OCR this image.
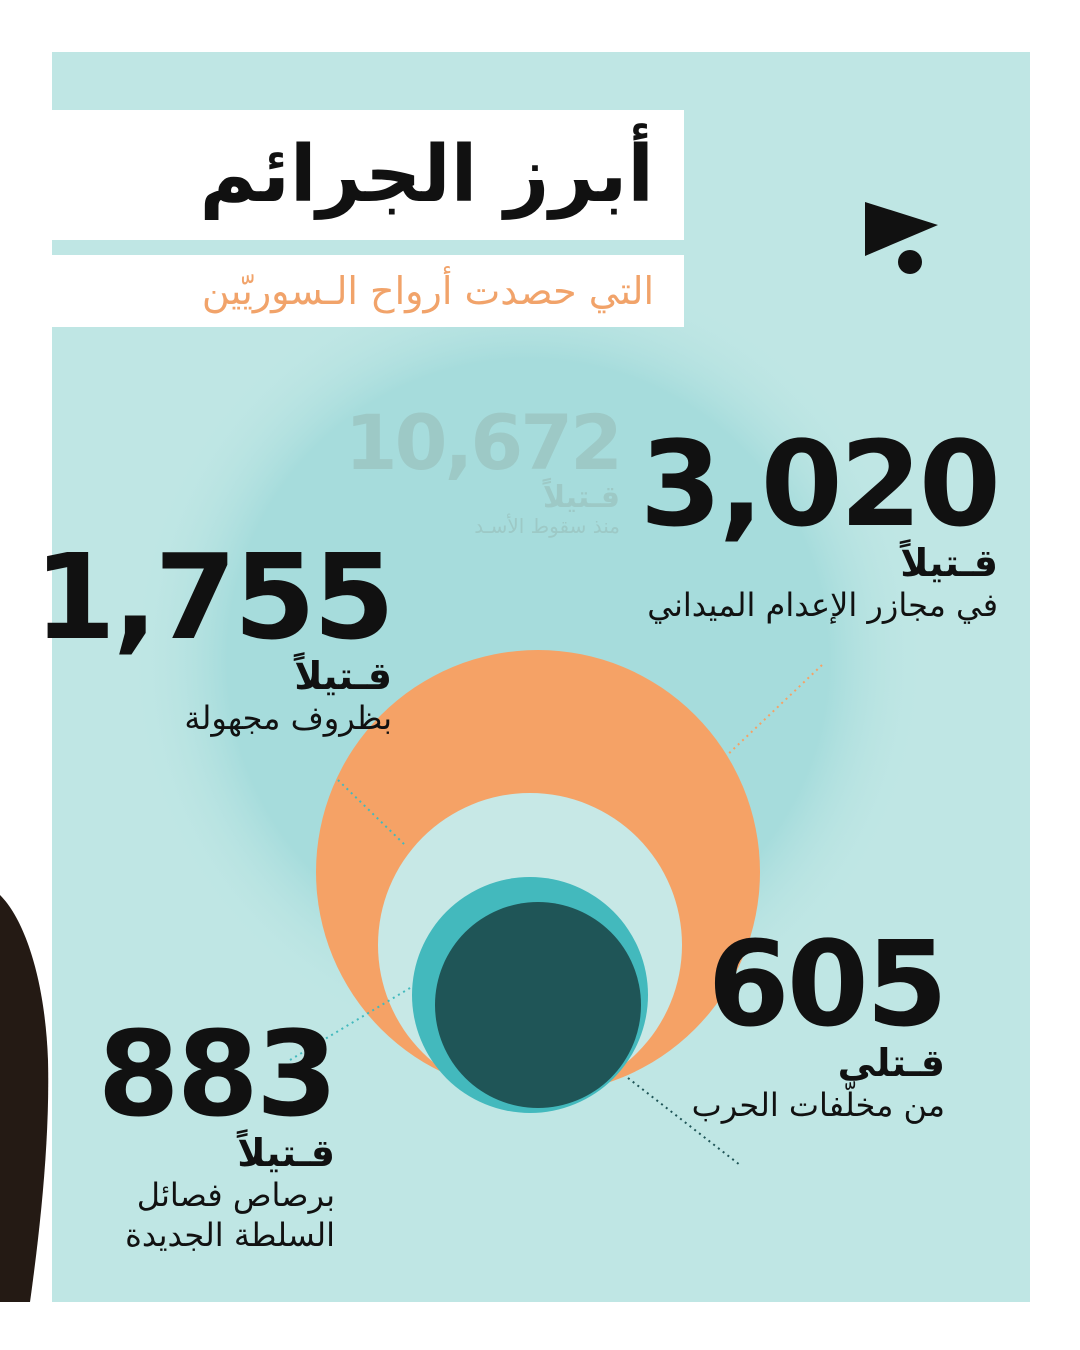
أبرز الجرائم
التي حصدت أرواح الـسوريّين
10,672
قـتيلاً
منذ سقوط الأسـد 3,020
قـتيلاً
في مجازر الإعدام الميداني
1,755
قـتيلاً
بظروف مجهولة
605
قـتلى
من مخلّفات الحرب
883
قـتيلاً
برصاص فصائل
السلطة الجديدة
